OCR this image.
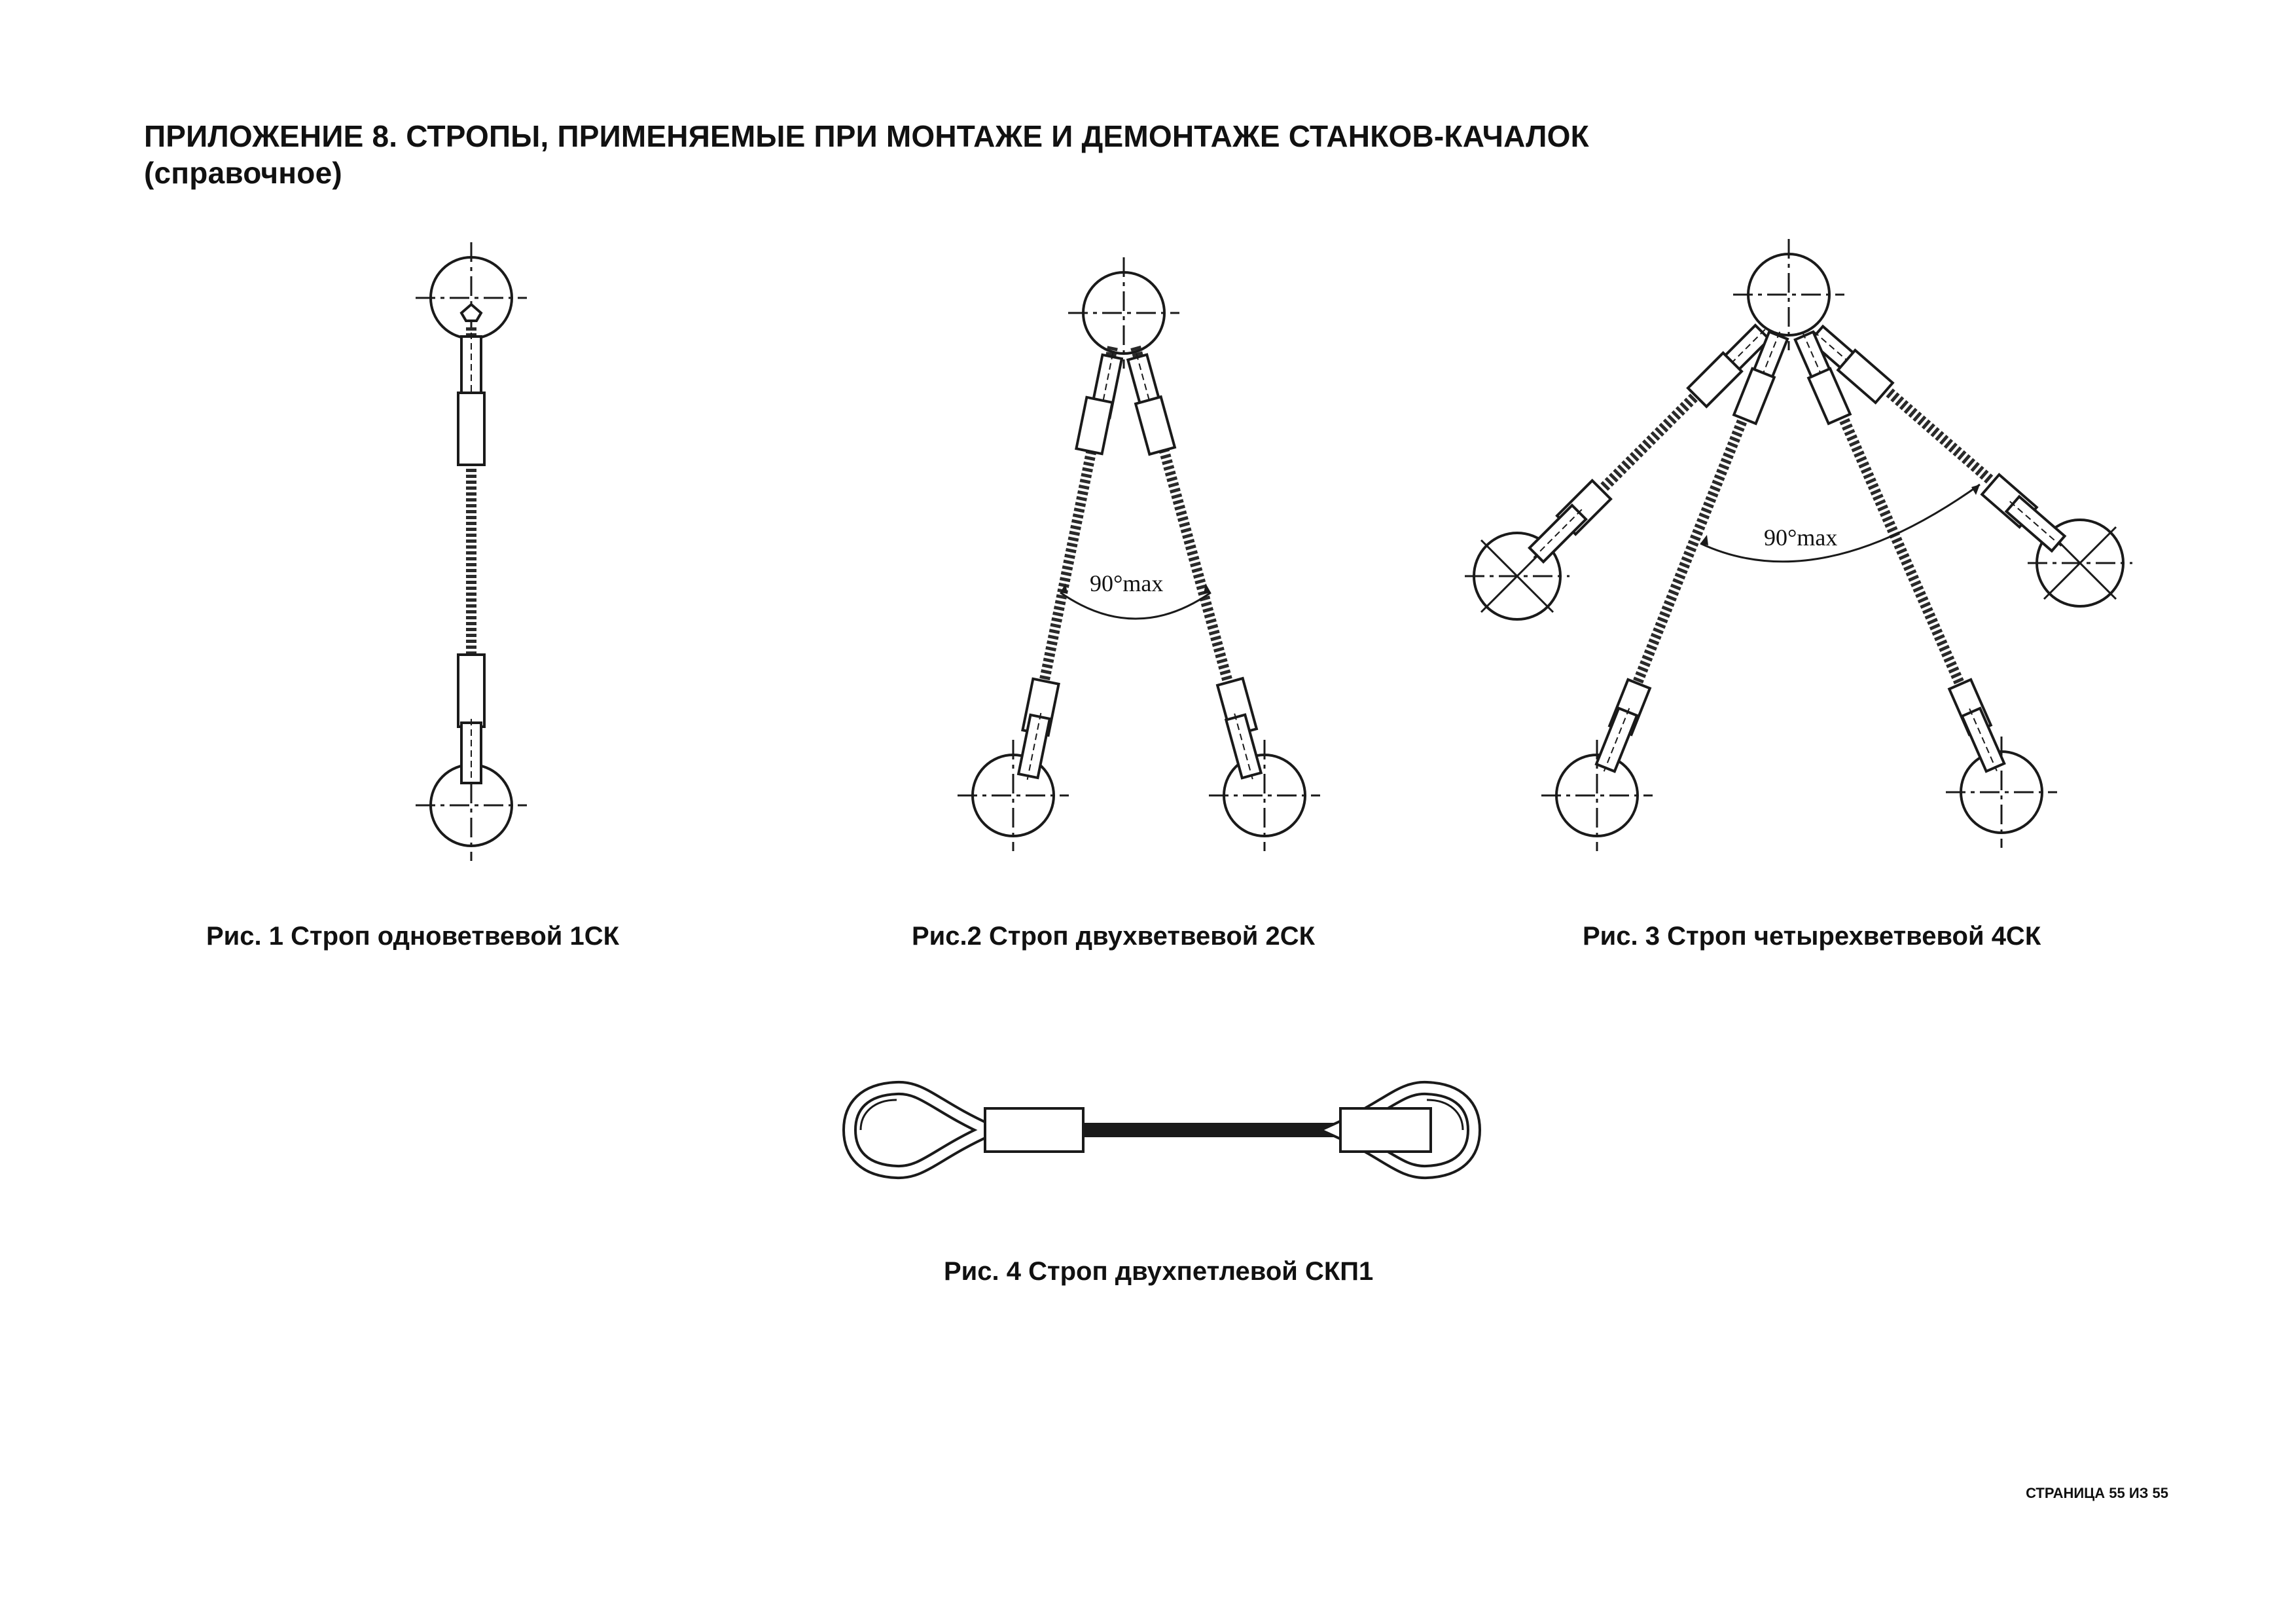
ПРИЛОЖЕНИЕ 8. СТРОПЫ, ПРИМЕНЯЕМЫЕ ПРИ МОНТАЖЕ И ДЕМОНТАЖЕ СТАНКОВ-КАЧАЛОК
(справочное)
Рис. 1 Строп одноветвевой 1СК	Рис.2 Строп двухветвевой 2СК	Рис. 3 Строп четырехветвевой 4СК
Рис. 4 Строп двухпетлевой СКП1
90°max
90°max
СТРАНИЦА 55 ИЗ 55
